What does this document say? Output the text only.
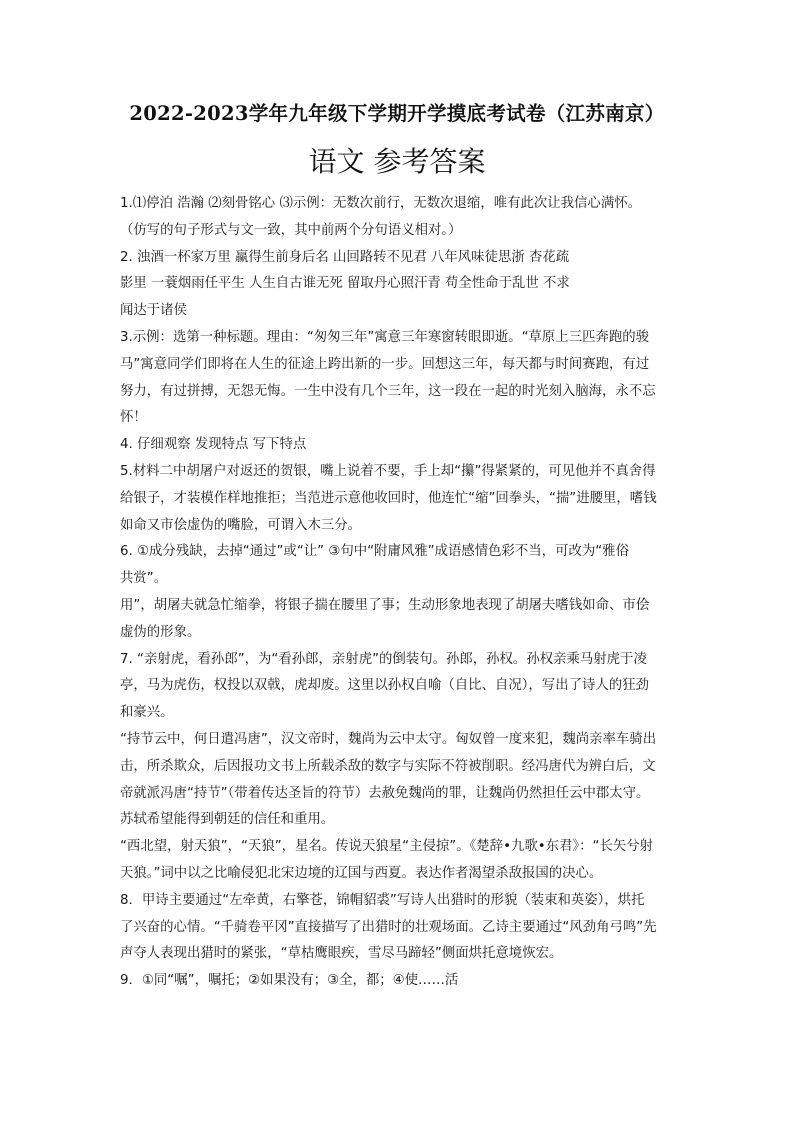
2022-2023学年九年级下学期开学摸底考试卷（江苏南京）
语文 参考答案
1.⑴停泊 浩瀚 ⑵刻骨铭心 ⑶示例：无数次前行，无数次退缩，唯有此次让我信心满怀。
（仿写的句子形式与文一致，其中前两个分句语义相对。）
2. 浊酒一杯家万里 赢得生前身后名 山回路转不见君 八年风味徒思浙 杏花疏
影里 一蓑烟雨任平生 人生自古谁无死 留取丹心照汗青 苟全性命于乱世 不求
闻达于诸侯
3.示例：选第一种标题。理由：“匆匆三年”寓意三年寒窗转眼即逝。“草原上三匹奔跑的骏
马”寓意同学们即将在人生的征途上跨出新的一步。回想这三年，每天都与时间赛跑，有过
努力，有过拼搏，无怨无悔。一生中没有几个三年，这一段在一起的时光刻入脑海，永不忘
怀！
4. 仔细观察 发现特点 写下特点
5.材料二中胡屠户对返还的贺银，嘴上说着不要，手上却“攥”得紧紧的，可见他并不真舍得
给银子，才装模作样地推拒；当范进示意他收回时，他连忙“缩”回拳头，“揣”进腰里，嗜钱
如命又市侩虚伪的嘴脸，可谓入木三分。
6. ①成分残缺，去掉“通过”或“让” ③句中“附庸风雅”成语感情色彩不当，可改为“雅俗
共赏”。
用”，胡屠夫就急忙缩拳，将银子揣在腰里了事；生动形象地表现了胡屠夫嗜钱如命、市侩
虚伪的形象。
7. “亲射虎，看孙郎”，为“看孙郎，亲射虎”的倒装句。孙郎，孙权。孙权亲乘马射虎于凌
亭，马为虎伤，权投以双戟，虎却废。这里以孙权自喻（自比、自况），写出了诗人的狂劲
和豪兴。
“持节云中，何日遣冯唐”，汉文帝时，魏尚为云中太守。匈奴曾一度来犯，魏尚亲率车骑出
击，所杀欺众，后因报功文书上所载杀敌的数字与实际不符被削职。经冯唐代为辨白后，文
帝就派冯唐“持节”（带着传达圣旨的符节）去赦免魏尚的罪，让魏尚仍然担任云中郡太守。
苏轼希望能得到朝廷的信任和重用。
“西北望，射天狼”，“天狼”，星名。传说天狼星“主侵掠”。《楚辞•九歌•东君》：“长矢兮射
天狼。”词中以之比喻侵犯北宋边境的辽国与西夏。表达作者渴望杀敌报国的决心。
8．甲诗主要通过“左牵黄，右擎苍，锦帽貂裘”写诗人出猎时的形貌（装束和英姿），烘托
了兴奋的心情。“千骑卷平冈”直接描写了出猎时的壮观场面。乙诗主要通过“风劲角弓鸣”先
声夺人表现出猎时的紧张，“草枯鹰眼疾，雪尽马蹄轻”侧面烘托意境恢宏。
9．①同“嘱”，嘱托；②如果没有；③全，都；④使……活
